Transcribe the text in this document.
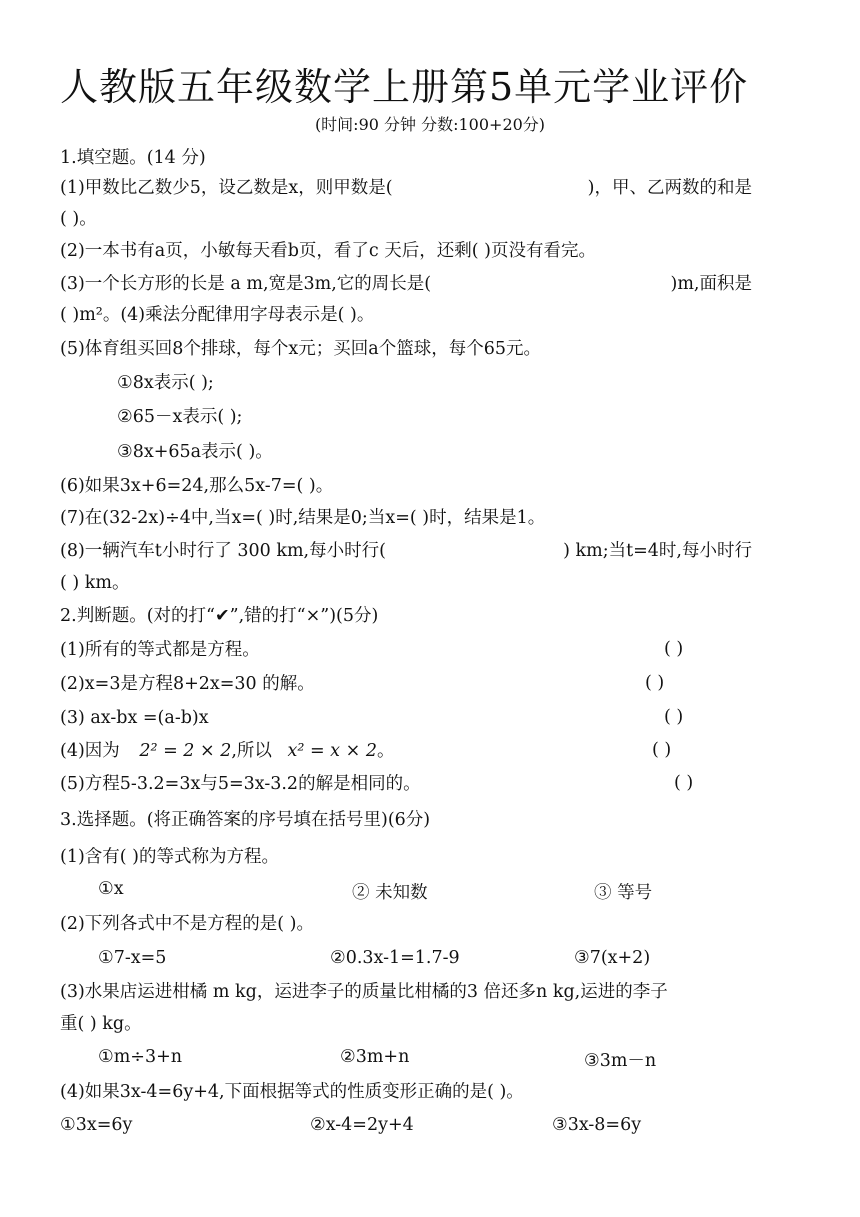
人教版五年级数学上册第5单元学业评价
(时间:90 分钟 分数:100+20分)
1.填空题。(14 分)
(1)甲数比乙数少5，设乙数是x，则甲数是(	)，甲、乙两数的和是
( )。
(2)一本书有a页，小敏每天看b页，看了c 天后，还剩( )页没有看完。
(3)一个长方形的长是 a m,宽是3m,它的周长是(	)m,面积是
( )m²。(4)乘法分配律用字母表示是( )。
(5)体育组买回8个排球，每个x元；买回a个篮球，每个65元。
①8x表示( );
②65－x表示( );
③8x+65a表示( )。
(6)如果3x+6=24,那么5x-7=( )。
(7)在(32-2x)÷4中,当x=( )时,结果是0;当x=( )时，结果是1。
(8)一辆汽车t小时行了 300 km,每小时行(	) km;当t=4时,每小时行
( ) km。
2.判断题。(对的打“✔”,错的打“×”)(5分)
(1)所有的等式都是方程。	( )
(2)x=3是方程8+2x=30 的解。	( )
(3) ax-bx =(a-b)x	( )
(4)因为 2² = 2 × 2,所以 x² = x × 2。	( )
(5)方程5-3.2=3x与5=3x-3.2的解是相同的。	( )
3.选择题。(将正确答案的序号填在括号里)(6分)
(1)含有( )的等式称为方程。
①x	② 未知数	③ 等号
(2)下列各式中不是方程的是( )。
①7-x=5	②0.3x-1=1.7-9	③7(x+2)
(3)水果店运进柑橘 m kg，运进李子的质量比柑橘的3 倍还多n kg,运进的李子
重( ) kg。
①m÷3+n	②3m+n	③3m－n
(4)如果3x-4=6y+4,下面根据等式的性质变形正确的是( )。
①3x=6y	②x-4=2y+4	③3x-8=6y
